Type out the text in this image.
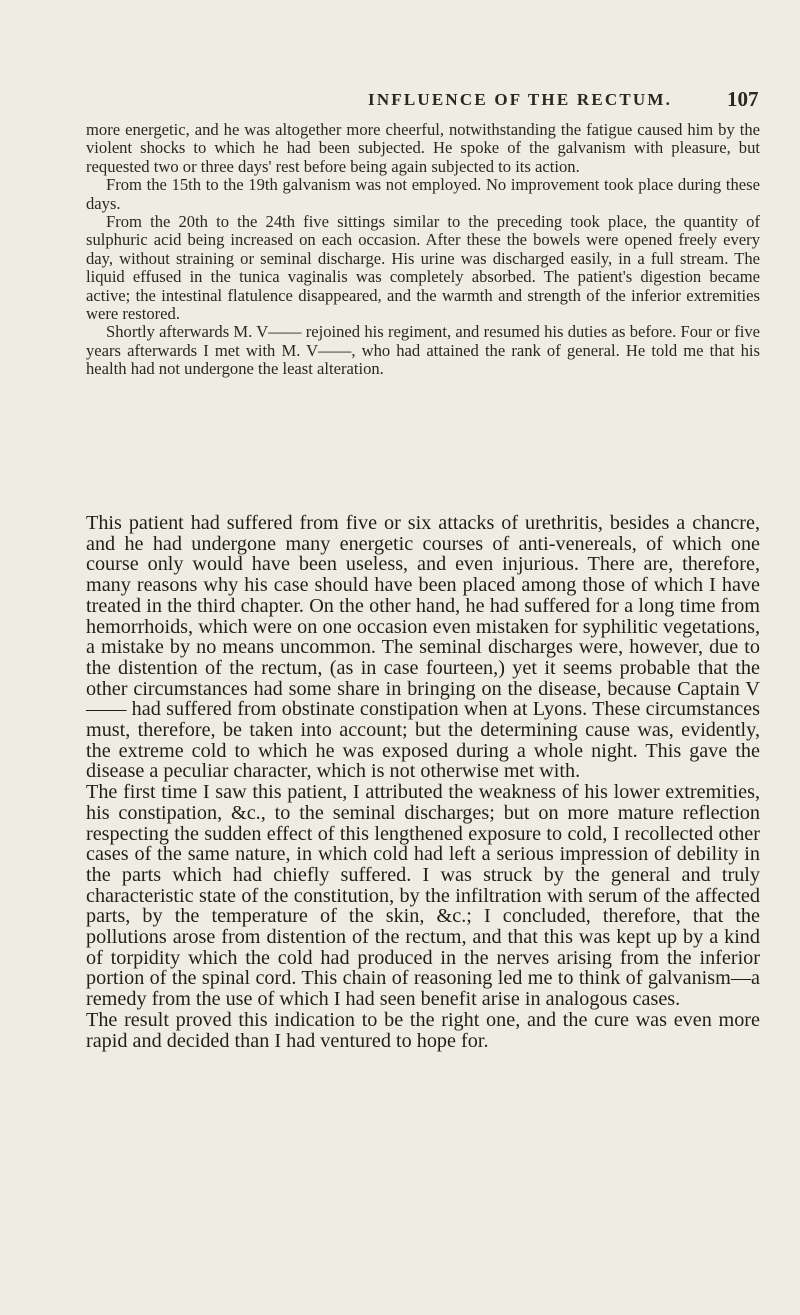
INFLUENCE OF THE RECTUM.	107

more energetic, and he was altogether more cheerful, notwithstanding the fatigue caused him by the violent shocks to which he had been subjected. He spoke of the galvanism with pleasure, but requested two or three days' rest before being again subjected to its action.

From the 15th to the 19th galvanism was not employed. No improvement took place during these days.

From the 20th to the 24th five sittings similar to the preceding took place, the quantity of sulphuric acid being increased on each occasion. After these the bowels were opened freely every day, without straining or seminal discharge. His urine was discharged easily, in a full stream. The liquid effused in the tunica vaginalis was completely absorbed. The patient's digestion became active; the intestinal flatulence disappeared, and the warmth and strength of the inferior extremities were restored.

Shortly afterwards M. V—— rejoined his regiment, and resumed his duties as before. Four or five years afterwards I met with M. V——, who had attained the rank of general. He told me that his health had not undergone the least alteration.

This patient had suffered from five or six attacks of urethritis, besides a chancre, and he had undergone many energetic courses of anti-venereals, of which one course only would have been useless, and even injurious. There are, therefore, many reasons why his case should have been placed among those of which I have treated in the third chapter. On the other hand, he had suffered for a long time from hemorrhoids, which were on one occasion even mistaken for syphilitic vegetations, a mistake by no means uncommon. The seminal discharges were, however, due to the distention of the rectum, (as in case fourteen,) yet it seems probable that the other circumstances had some share in bringing on the disease, because Captain V—— had suffered from obstinate constipation when at Lyons. These circumstances must, therefore, be taken into account; but the determining cause was, evidently, the extreme cold to which he was exposed during a whole night. This gave the disease a peculiar character, which is not otherwise met with.

The first time I saw this patient, I attributed the weakness of his lower extremities, his constipation, &c., to the seminal discharges; but on more mature reflection respecting the sudden effect of this lengthened exposure to cold, I recollected other cases of the same nature, in which cold had left a serious impression of debility in the parts which had chiefly suffered. I was struck by the general and truly characteristic state of the constitution, by the infiltration with serum of the affected parts, by the temperature of the skin, &c.; I concluded, therefore, that the pollutions arose from distention of the rectum, and that this was kept up by a kind of torpidity which the cold had produced in the nerves arising from the inferior portion of the spinal cord. This chain of reasoning led me to think of galvanism—a remedy from the use of which I had seen benefit arise in analogous cases.

The result proved this indication to be the right one, and the cure was even more rapid and decided than I had ventured to hope for.
